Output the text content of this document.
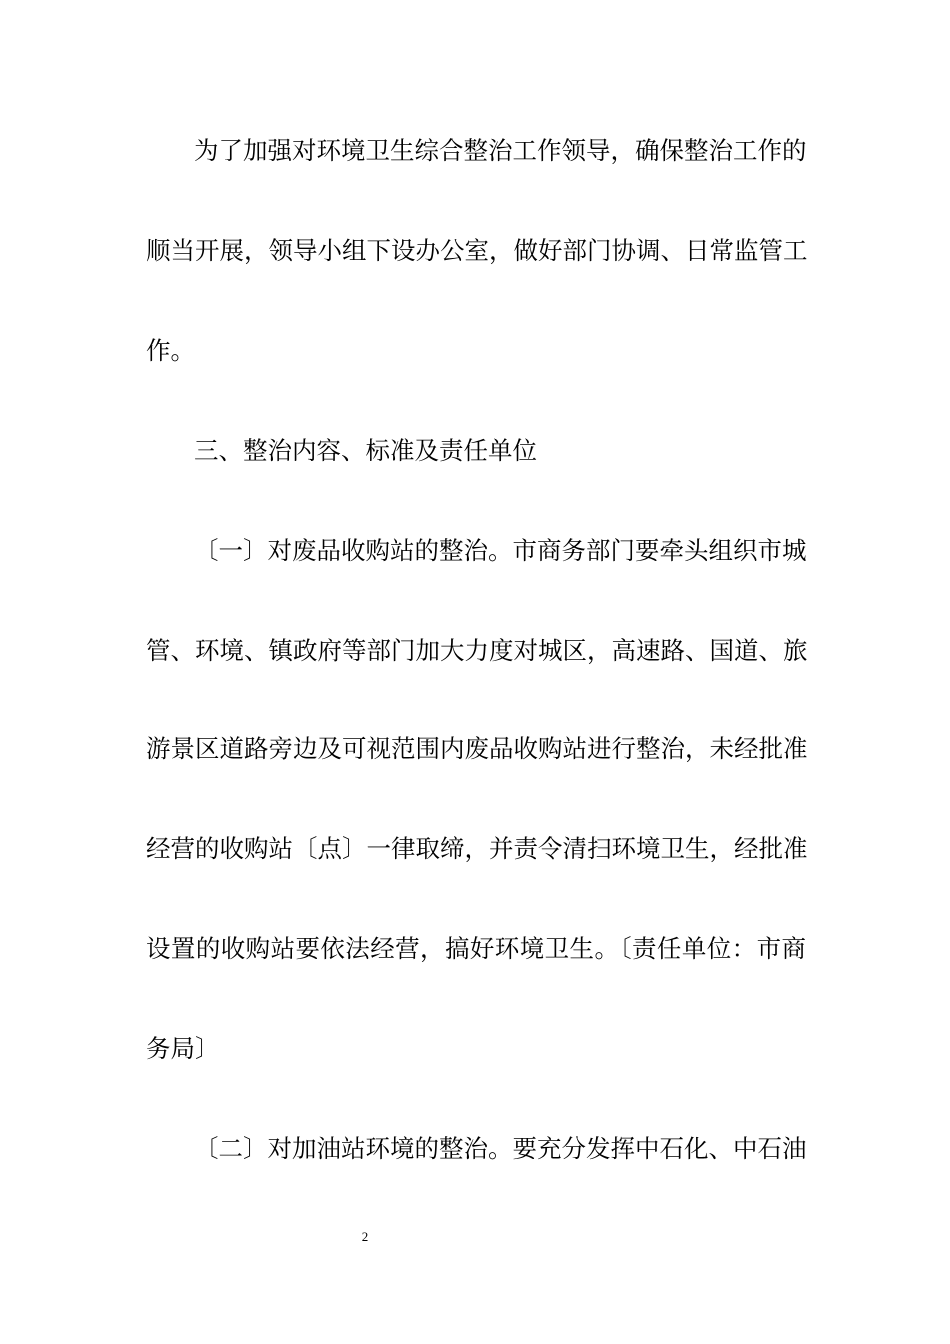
为了加强对环境卫生综合整治工作领导，确保整治工作的
顺当开展，领导小组下设办公室，做好部门协调、日常监管工
作。
三、整治内容、标准及责任单位
〔一〕对废品收购站的整治。市商务部门要牵头组织市城
管、环境、镇政府等部门加大力度对城区，高速路、国道、旅
游景区道路旁边及可视范围内废品收购站进行整治，未经批准
经营的收购站〔点〕一律取缔，并责令清扫环境卫生，经批准
设置的收购站要依法经营，搞好环境卫生。〔责任单位：市商
务局〕
〔二〕对加油站环境的整治。要充分发挥中石化、中石油
2
